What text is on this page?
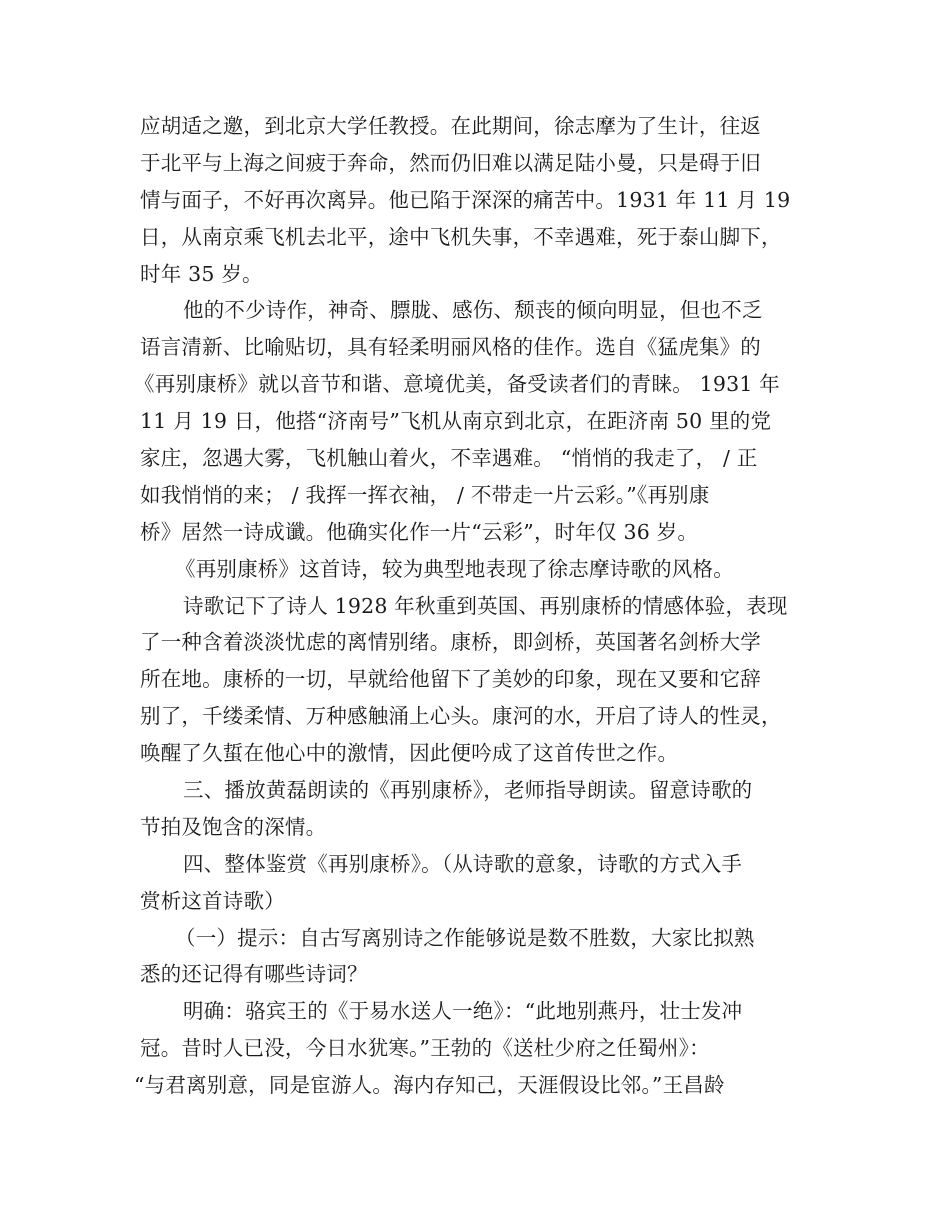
应胡适之邀，到北京大学任教授。在此期间，徐志摩为了生计，往返
于北平与上海之间疲于奔命，然而仍旧难以满足陆小曼，只是碍于旧
情与面子，不好再次离异。他已陷于深深的痛苦中。1931 年 11 月 19
日，从南京乘飞机去北平，途中飞机失事，不幸遇难，死于泰山脚下，
时年 35 岁。
他的不少诗作，神奇、膘胧、感伤、颓丧的倾向明显，但也不乏
语言清新、比喻贴切，具有轻柔明丽风格的佳作。选自《猛虎集》的
《再别康桥》就以音节和谐、意境优美，备受读者们的青睐。 1931 年
11 月 19 日，他搭“济南号”飞机从南京到北京，在距济南 50 里的党
家庄，忽遇大雾，飞机触山着火，不幸遇难。 “悄悄的我走了， / 正
如我悄悄的来； / 我挥一挥衣袖， / 不带走一片云彩。”《再别康
桥》居然一诗成谶。他确实化作一片“云彩”，时年仅 36 岁。
《再别康桥》这首诗，较为典型地表现了徐志摩诗歌的风格。
诗歌记下了诗人 1928 年秋重到英国、再别康桥的情感体验，表现
了一种含着淡淡忧虑的离情别绪。康桥，即剑桥，英国著名剑桥大学
所在地。康桥的一切，早就给他留下了美妙的印象，现在又要和它辞
别了，千缕柔情、万种感触涌上心头。康河的水，开启了诗人的性灵，
唤醒了久蜇在他心中的激情，因此便吟成了这首传世之作。
三、播放黄磊朗读的《再别康桥》，老师指导朗读。留意诗歌的
节拍及饱含的深情。
四、整体鉴赏《再别康桥》。（从诗歌的意象，诗歌的方式入手
赏析这首诗歌）
（一）提示：自古写离别诗之作能够说是数不胜数，大家比拟熟
悉的还记得有哪些诗词？
明确：骆宾王的《于易水送人一绝》：“此地别燕丹，壮士发冲
冠。昔时人已没，今日水犹寒。”王勃的《送杜少府之任蜀州》：
“与君离别意，同是宦游人。海内存知己，天涯假设比邻。”王昌龄
